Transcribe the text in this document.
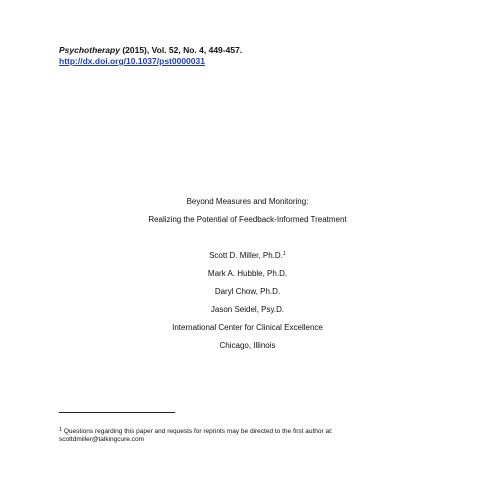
Psychotherapy (2015), Vol. 52, No. 4, 449-457.
http://dx.doi.org/10.1037/pst0000031
Beyond Measures and Monitoring:
Realizing the Potential of Feedback-Informed Treatment
Scott D. Miller, Ph.D.$^1$
Mark A. Hubble, Ph.D.
Daryl Chow, Ph.D.
Jason Seidel, Psy.D.
International Center for Clinical Excellence
Chicago, Illinois
$^1$ Questions regarding this paper and requests for reprints may be directed to the first author at:
scottdmiller@talkingcure.com
